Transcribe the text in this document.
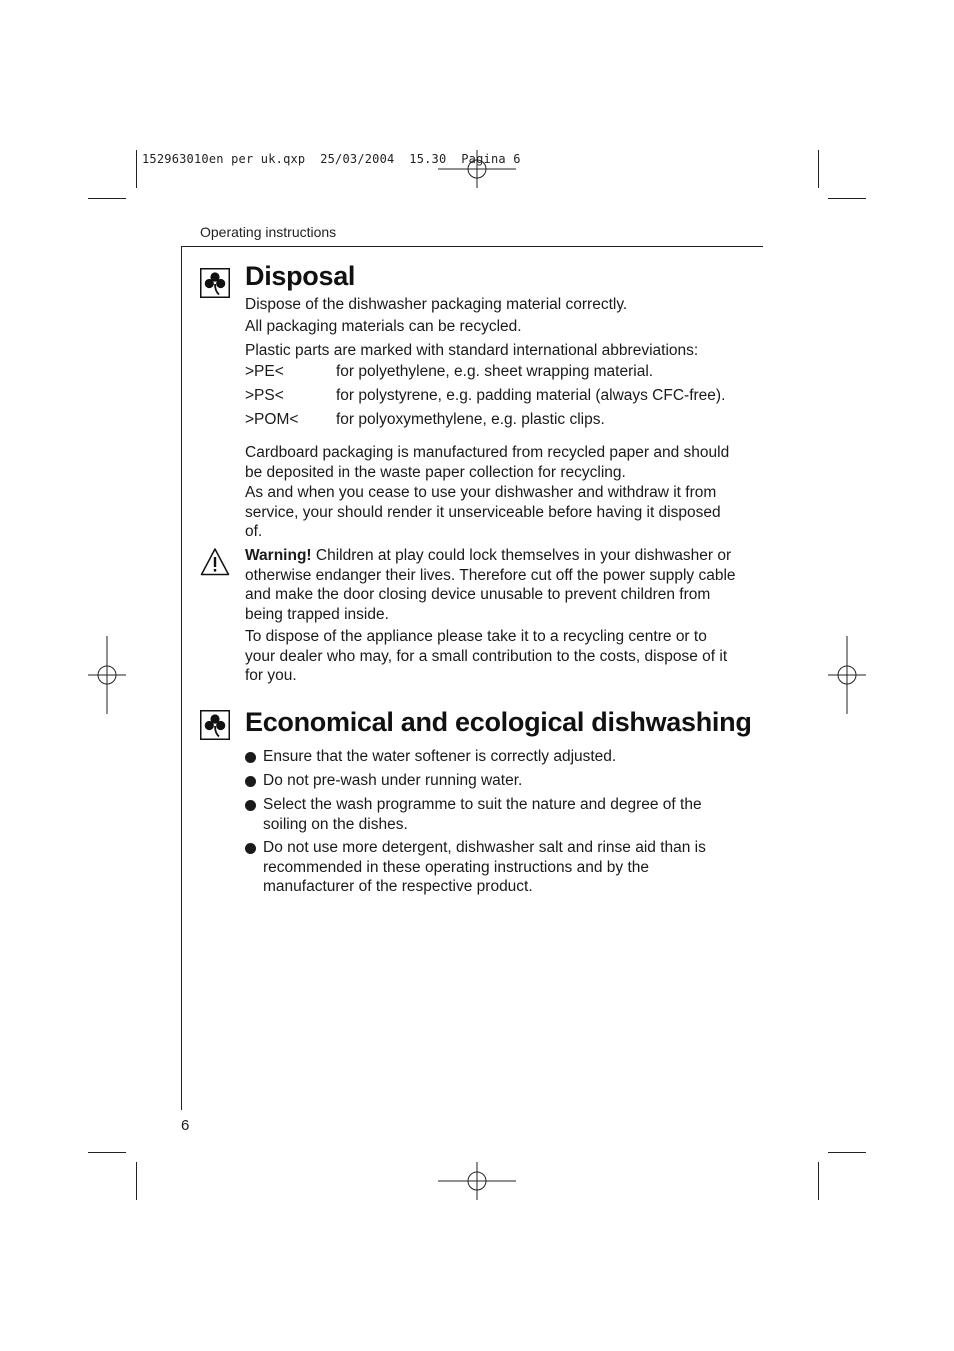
152963010en per uk.qxp  25/03/2004  15.30  Pagina 6
Operating instructions
Disposal
Dispose of the dishwasher packaging material correctly.
All packaging materials can be recycled.
Plastic parts are marked with standard international abbreviations:
>PE<	for polyethylene, e.g. sheet wrapping material.
>PS<	for polystyrene, e.g. padding material (always CFC-free).
>POM< for polyoxymethylene, e.g. plastic clips.
Cardboard packaging is manufactured from recycled paper and should be deposited in the waste paper collection for recycling.
As and when you cease to use your dishwasher and withdraw it from service, your should render it unserviceable before having it disposed of.
Warning! Children at play could lock themselves in your dishwasher or otherwise endanger their lives. Therefore cut off the power supply cable and make the door closing device unusable to prevent children from being trapped inside.
To dispose of the appliance please take it to a recycling centre or to your dealer who may, for a small contribution to the costs, dispose of it for you.
Economical and ecological dishwashing
Ensure that the water softener is correctly adjusted.
Do not pre-wash under running water.
Select the wash programme to suit the nature and degree of the soiling on the dishes.
Do not use more detergent, dishwasher salt and rinse aid than is recommended in these operating instructions and by the manufacturer of the respective product.
6
